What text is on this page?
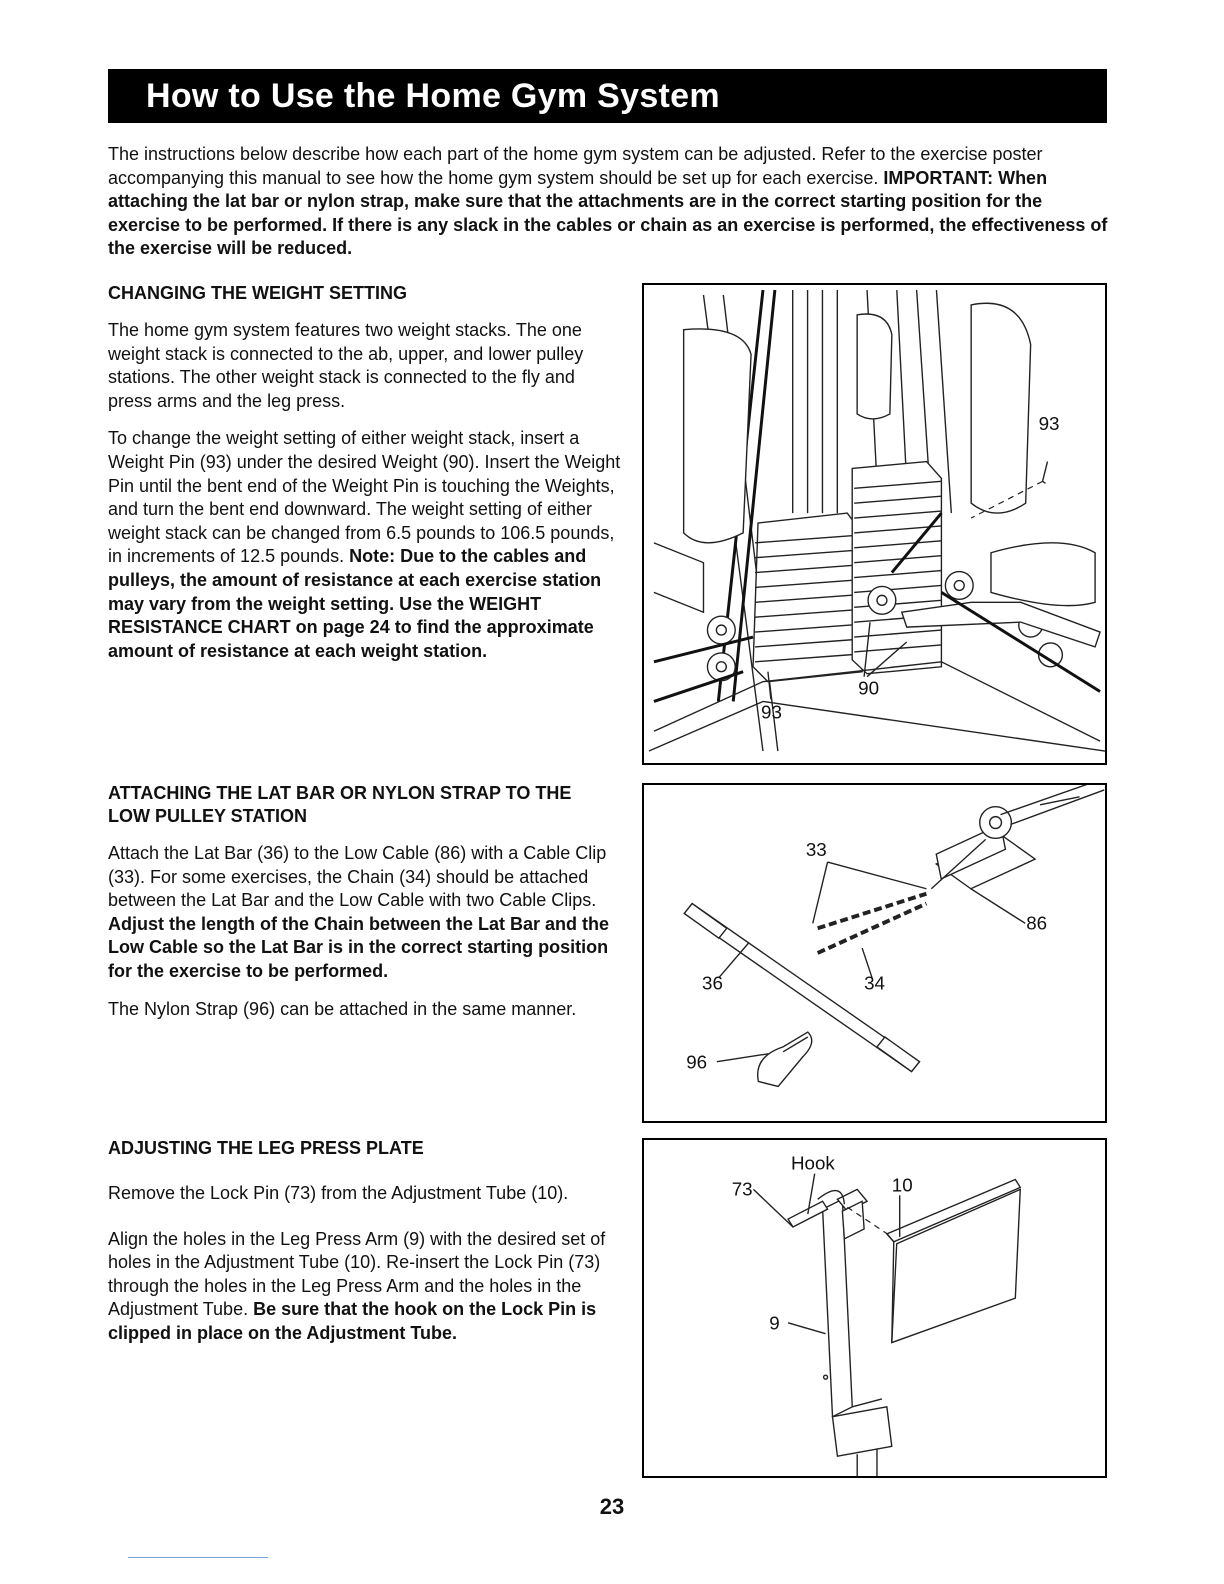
How to Use the Home Gym System
The instructions below describe how each part of the home gym system can be adjusted. Refer to the exercise poster accompanying this manual to see how the home gym system should be set up for each exercise. IMPORTANT: When attaching the lat bar or nylon strap, make sure that the attachments are in the correct starting position for the exercise to be performed. If there is any slack in the cables or chain as an exercise is performed, the effectiveness of the exercise will be reduced.
CHANGING THE WEIGHT SETTING

The home gym system features two weight stacks. The one weight stack is connected to the ab, upper, and lower pulley stations. The other weight stack is connected to the fly and press arms and the leg press.

To change the weight setting of either weight stack, insert a Weight Pin (93) under the desired Weight (90). Insert the Weight Pin until the bent end of the Weight Pin is touching the Weights, and turn the bent end downward. The weight setting of either weight stack can be changed from 6.5 pounds to 106.5 pounds, in increments of 12.5 pounds. Note: Due to the cables and pulleys, the amount of resistance at each exercise station may vary from the weight setting. Use the WEIGHT RESISTANCE CHART on page 24 to find the approximate amount of resistance at each weight station.

93
93
90
ATTACHING THE LAT BAR OR NYLON STRAP TO THE LOW PULLEY STATION

Attach the Lat Bar (36) to the Low Cable (86) with a Cable Clip (33). For some exercises, the Chain (34) should be attached between the Lat Bar and the Low Cable with two Cable Clips. Adjust the length of the Chain between the Lat Bar and the Low Cable so the Lat Bar is in the correct starting position for the exercise to be performed.

The Nylon Strap (96) can be attached in the same manner.

33
86
36	34
96
ADJUSTING THE LEG PRESS PLATE

Remove the Lock Pin (73) from the Adjustment Tube (10).

Align the holes in the Leg Press Arm (9) with the desired set of holes in the Adjustment Tube (10). Re-insert the Lock Pin (73) through the holes in the Leg Press Arm and the holes in the Adjustment Tube. Be sure that the hook on the Lock Pin is clipped in place on the Adjustment Tube.

Hook
73	10
9
23
